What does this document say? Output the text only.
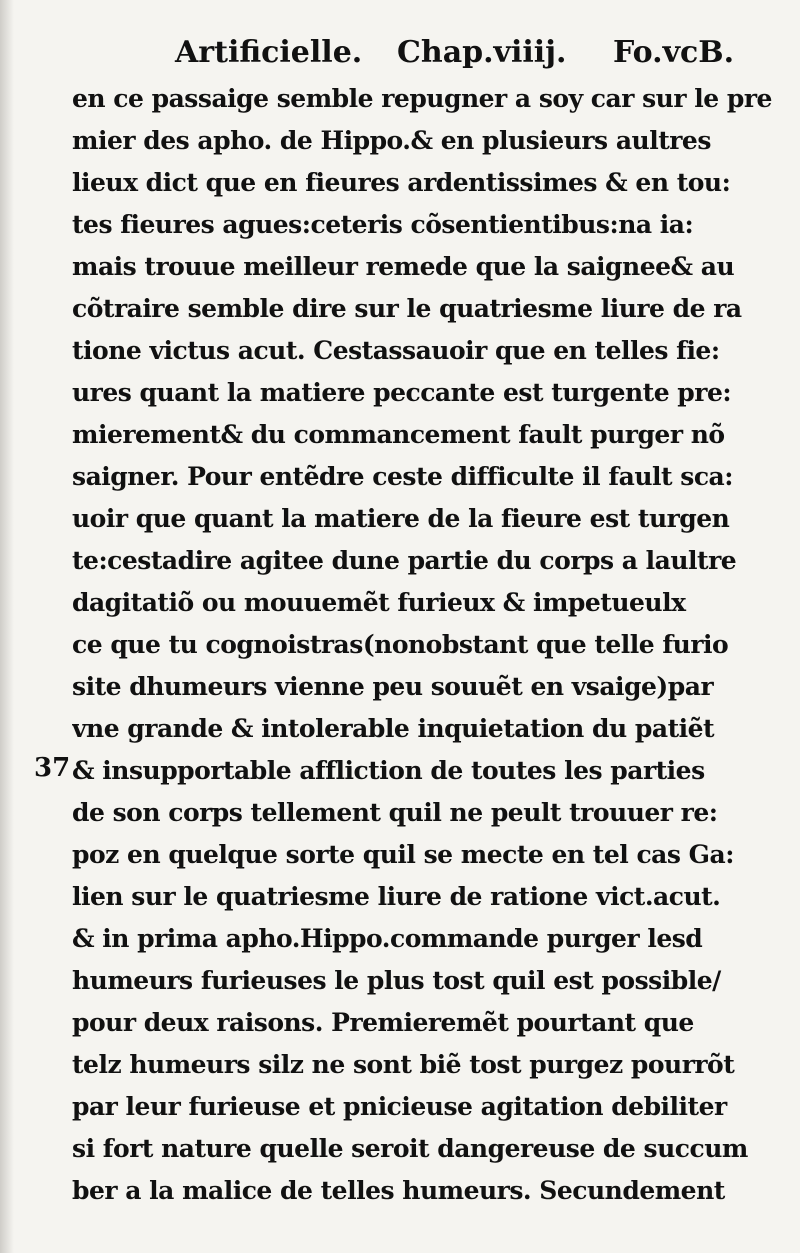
Artificielle. Chap.viiij. Fo.vcB.
37
en ce passaige semble repugner a soy car sur le pre
mier des apho. de Hippo.& en plusieurs aultres
lieux dict que en fieures ardentissimes & en tou:
tes fieures agues:ceteris cõsentientibus:na ia:
mais trouue meilleur remede que la saignee& au
cõtraire semble dire sur le quatriesme liure de ra
tione victus acut. Cestassauoir que en telles fie:
ures quant la matiere peccante est turgente pre:
mierement& du commancement fault purger nõ
saigner. Pour entẽdre ceste difficulte il fault sca:
uoir que quant la matiere de la fieure est turgen
te:cestadire agitee dune partie du corps a laultre
dagitatiõ ou mouuemẽt furieux & impetueulx
ce que tu cognoistras(nonobstant que telle furio
site dhumeurs vienne peu souuẽt en vsaige)par
vne grande & intolerable inquietation du patiẽt
& insupportable affliction de toutes les parties
de son corps tellement quil ne peult trouuer re:
poz en quelque sorte quil se mecte en tel cas Ga:
lien sur le quatriesme liure de ratione vict.acut.
& in prima apho.Hippo.commande purger lesd
humeurs furieuses le plus tost quil est possible/
pour deux raisons. Premieremẽt pourtant que
telz humeurs silz ne sont biẽ tost purgez pourrõt
par leur furieuse et pnicieuse agitation debiliter
si fort nature quelle seroit dangereuse de succum
ber a la malice de telles humeurs. Secundement
